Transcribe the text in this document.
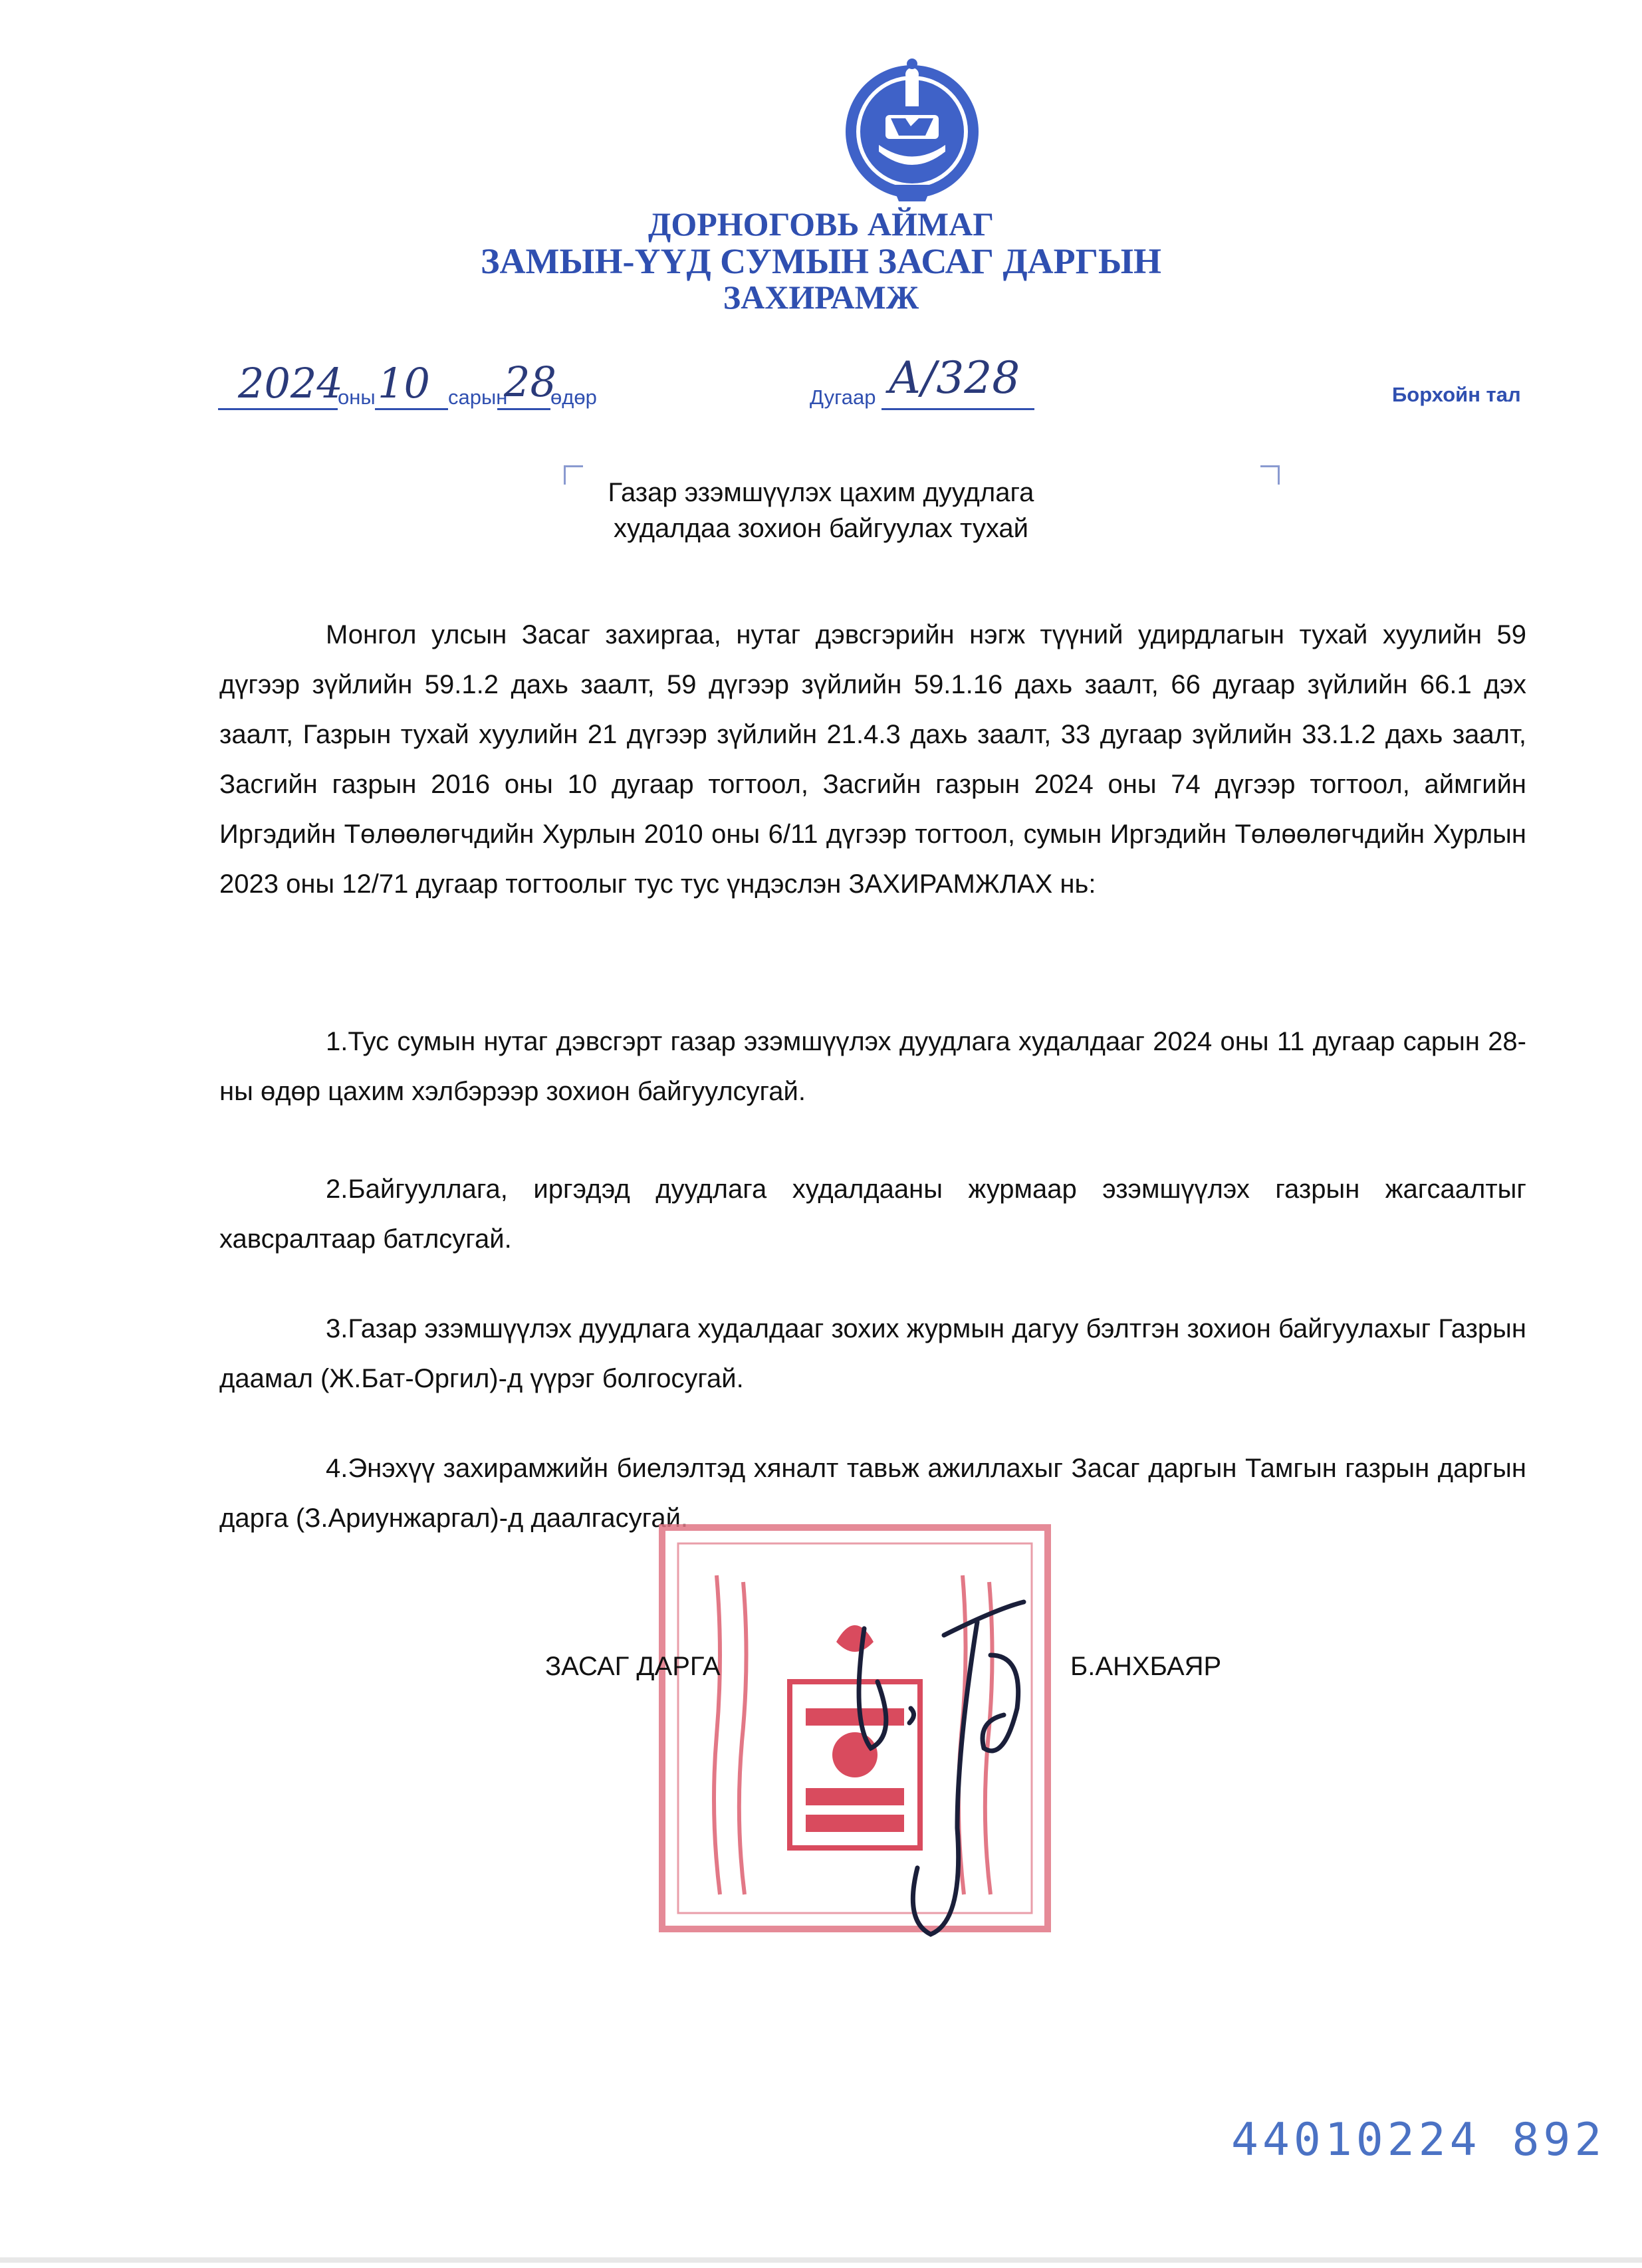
ДОРНОГОВЬ АЙМАГ
ЗАМЫН-ҮҮД СУМЫН ЗАСАГ ДАРГЫН
ЗАХИРАМЖ
2024
оны 10 сарын
28
өдөр	Дугаар А/328	Борхойн тал
Газар эзэмшүүлэх цахим дуудлага
худалдаа зохион байгуулах тухай

Монгол улсын Засаг захиргаа, нутаг дэвсгэрийн нэгж түүний удирдлагын тухай хуулийн 59 дүгээр зүйлийн 59.1.2 дахь заалт, 59 дүгээр зүйлийн 59.1.16 дахь заалт, 66 дугаар зүйлийн 66.1 дэх заалт, Газрын тухай хуулийн 21 дүгээр зүйлийн 21.4.3 дахь заалт, 33 дугаар зүйлийн 33.1.2 дахь заалт, Засгийн газрын 2016 оны 10 дугаар тогтоол, Засгийн газрын 2024 оны 74 дүгээр тогтоол, аймгийн Иргэдийн Төлөөлөгчдийн Хурлын 2010 оны 6/11 дүгээр тогтоол, сумын Иргэдийн Төлөөлөгчдийн Хурлын 2023 оны 12/71 дугаар тогтоолыг тус тус үндэслэн ЗАХИРАМЖЛАХ нь:

1.Тус сумын нутаг дэвсгэрт газар эзэмшүүлэх дуудлага худалдааг 2024 оны 11 дугаар сарын 28-ны өдөр цахим хэлбэрээр зохион байгуулсугай.

2.Байгууллага, иргэдэд дуудлага худалдааны журмаар эзэмшүүлэх газрын жагсаалтыг хавсралтаар батлсугай.

3.Газар эзэмшүүлэх дуудлага худалдааг зохих журмын дагуу бэлтгэн зохион байгуулахыг Газрын даамал (Ж.Бат-Оргил)-д үүрэг болгосугай.

4.Энэхүү захирамжийн биелэлтэд хяналт тавьж ажиллахыг Засаг даргын Тамгын газрын даргын дарга (З.Ариунжаргал)-д даалгасугай.

ЗАСАГ ДАРГА	Б.АНХБАЯР
44010224 892
